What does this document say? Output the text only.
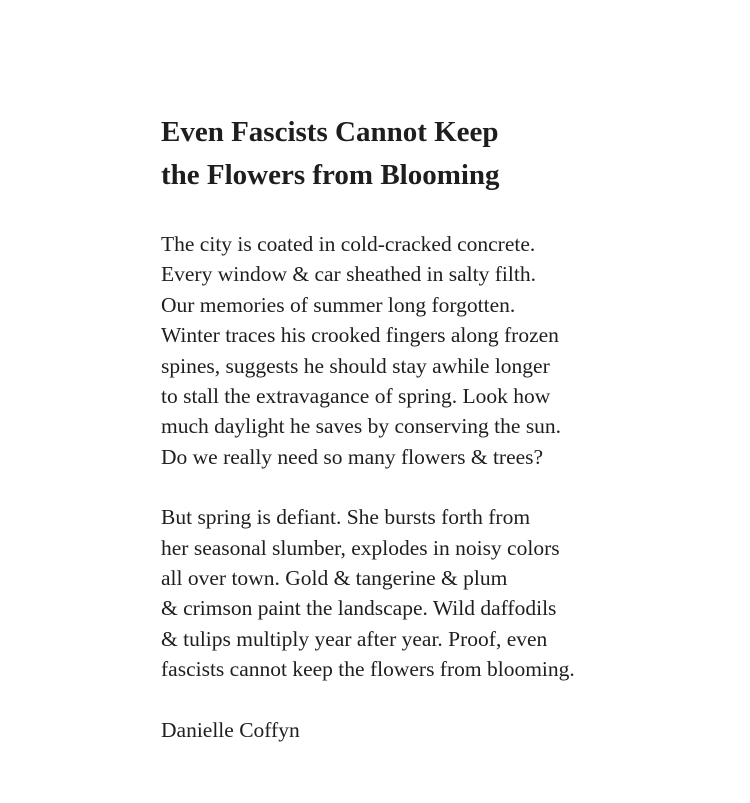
Even Fascists Cannot Keep
the Flowers from Blooming

The city is coated in cold-cracked concrete.
Every window & car sheathed in salty filth.
Our memories of summer long forgotten.
Winter traces his crooked fingers along frozen
spines, suggests he should stay awhile longer
to stall the extravagance of spring. Look how
much daylight he saves by conserving the sun.
Do we really need so many flowers & trees?

But spring is defiant. She bursts forth from
her seasonal slumber, explodes in noisy colors
all over town. Gold & tangerine & plum
& crimson paint the landscape. Wild daffodils
& tulips multiply year after year. Proof, even
fascists cannot keep the flowers from blooming.

Danielle Coffyn
